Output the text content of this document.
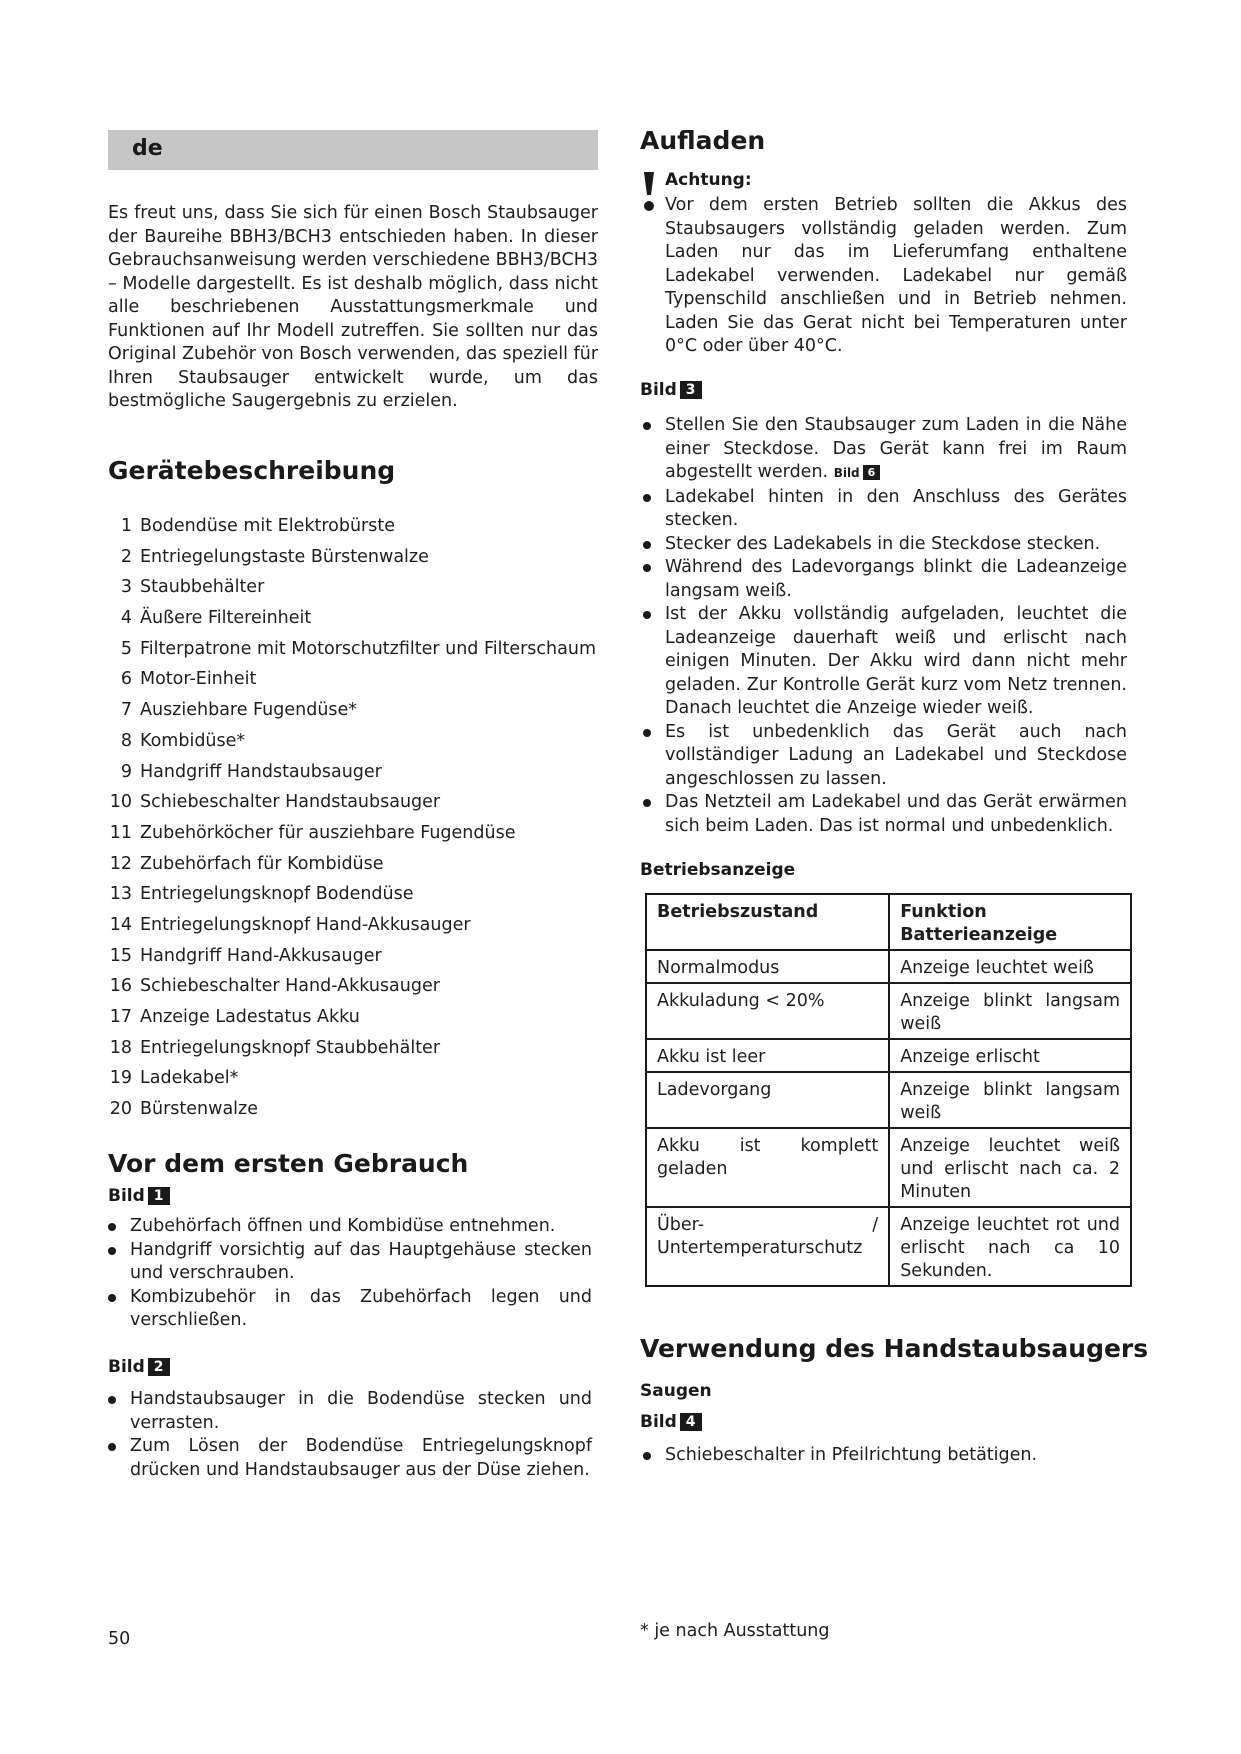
de
Es freut uns, dass Sie sich für einen Bosch Staubsauger der Baureihe BBH3/BCH3 entschieden haben. In dieser Gebrauchsanweisung werden verschiedene BBH3/BCH3 – Modelle dargestellt. Es ist deshalb möglich, dass nicht alle beschriebenen Ausstattungsmerkmale und Funktionen auf Ihr Modell zutreffen. Sie sollten nur das Original Zubehör von Bosch verwenden, das speziell für Ihren Staubsauger entwickelt wurde, um das bestmögliche Saugergebnis zu erzielen.
Gerätebeschreibung
1 Bodendüse mit Elektrobürste
2 Entriegelungstaste Bürstenwalze
3 Staubbehälter
4 Äußere Filtereinheit
5 Filterpatrone mit Motorschutzfilter und Filterschaum
6 Motor-Einheit
7 Ausziehbare Fugendüse*
8 Kombidüse*
9 Handgriff Handstaubsauger
10 Schiebeschalter Handstaubsauger
11 Zubehörköcher für ausziehbare Fugendüse
12 Zubehörfach für Kombidüse
13 Entriegelungsknopf Bodendüse
14 Entriegelungsknopf Hand-Akkusauger
15 Handgriff Hand-Akkusauger
16 Schiebeschalter Hand-Akkusauger
17 Anzeige Ladestatus Akku
18 Entriegelungsknopf Staubbehälter
19 Ladekabel*
20 Bürstenwalze
Vor dem ersten Gebrauch
Bild 1
Zubehörfach öffnen und Kombidüse entnehmen.
Handgriff vorsichtig auf das Hauptgehäuse stecken und verschrauben.
Kombizubehör in das Zubehörfach legen und verschließen.
Bild 2
Handstaubsauger in die Bodendüse stecken und verrasten.
Zum Lösen der Bodendüse Entriegelungsknopf drücken und Handstaubsauger aus der Düse ziehen.
Aufladen
Achtung:
Vor dem ersten Betrieb sollten die Akkus des Staubsaugers vollständig geladen werden. Zum Laden nur das im Lieferumfang enthaltene Ladekabel verwenden. Ladekabel nur gemäß Typenschild anschließen und in Betrieb nehmen. Laden Sie das Gerat nicht bei Temperaturen unter 0°C oder über 40°C.
Bild 3
Stellen Sie den Staubsauger zum Laden in die Nähe einer Steckdose. Das Gerät kann frei im Raum abgestellt werden. Bild 6
Ladekabel hinten in den Anschluss des Gerätes stecken.
Stecker des Ladekabels in die Steckdose stecken.
Während des Ladevorgangs blinkt die Ladeanzeige langsam weiß.
Ist der Akku vollständig aufgeladen, leuchtet die Ladeanzeige dauerhaft weiß und erlischt nach einigen Minuten. Der Akku wird dann nicht mehr geladen. Zur Kontrolle Gerät kurz vom Netz trennen. Danach leuchtet die Anzeige wieder weiß.
Es ist unbedenklich das Gerät auch nach vollständiger Ladung an Ladekabel und Steckdose angeschlossen zu lassen.
Das Netzteil am Ladekabel und das Gerät erwärmen sich beim Laden. Das ist normal und unbedenklich.
Betriebsanzeige
Betriebszustand	Funktion Batterieanzeige
Normalmodus	Anzeige leuchtet weiß
Akkuladung < 20%	Anzeige blinkt langsam weiß
Akku ist leer	Anzeige erlischt
Ladevorgang	Anzeige blinkt langsam weiß
Akku ist komplett geladen	Anzeige leuchtet weiß und erlischt nach ca. 2 Minuten
Über- / Untertemperaturschutz	Anzeige leuchtet rot und erlischt nach ca 10 Sekunden.
Verwendung des Handstaubsaugers
Saugen
Bild 4
Schiebeschalter in Pfeilrichtung betätigen.
50	* je nach Ausstattung
